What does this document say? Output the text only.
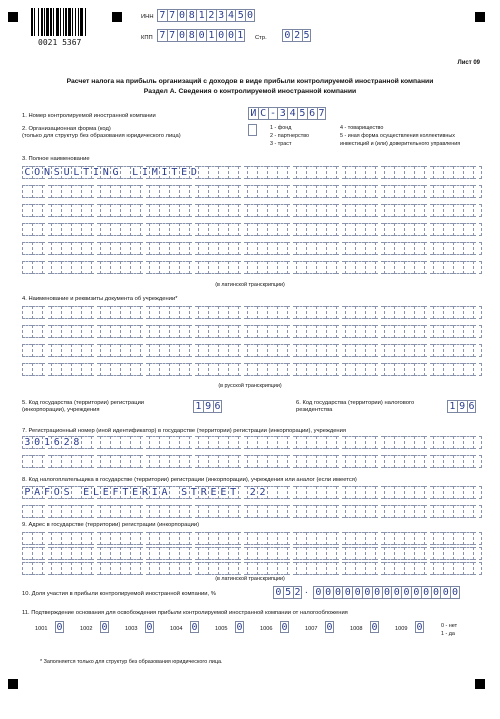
0021 5367
ИНН 7 7 0 8 1 2 3 4 5 0
КПП 7 7 0 8 0 1 0 0 1	Стр. 0 2 5
Лист 09
Расчет налога на прибыль организаций с доходов в виде прибыли контролируемой иностранной компании
Раздел А. Сведения о контролируемой иностранной компании
1. Номер контролируемой иностранной компании	И С - 3 4 5 6 7
2. Организационная форма (код)
(только для структур без образования юридического лица)
1 - фонд
2 - партнерство
3 - траст
4 - товарищество
5 - иная форма осуществления коллективных
инвестиций и (или) доверительного управления
3. Полное наименование
C O N S U L T I N G L I M I T E D
(в латинской транскрипции)
4. Наименование и реквизиты документа об учреждении*
(в русской транскрипции)
5. Код государства (территории) регистрации
(инкорпорации), учреждения	1 9 6	6. Код государства (территории) налогового
резидентства	1 9 6
7. Регистрационный номер (иной идентификатор) в государстве (территории) регистрации (инкорпорации), учреждения
3 0 1 6 2 8
8. Код налогоплательщика в государстве (территории) регистрации (инкорпорации), учреждения или аналог (если имеется)
P A F O S E L E F T E R I A S T R E E T 2 2
9. Адрес в государстве (территории) регистрации (инкорпорации)
(в латинской транскрипции)
10. Доля участия в прибыли контролируемой иностранной компании, %	0 5 2 . 0 0 0 0 0 0 0 0 0 0 0 0 0 0 0
11. Подтверждение основания для освобождения прибыли контролируемой иностранной компании от налогообложения
1001 0	1002 0	1003 0	1004 0	1005 0	1006 0	1007 0	1008 0	1009 0	0 - нет
1 - да
* Заполняется только для структур без образования юридического лица.
